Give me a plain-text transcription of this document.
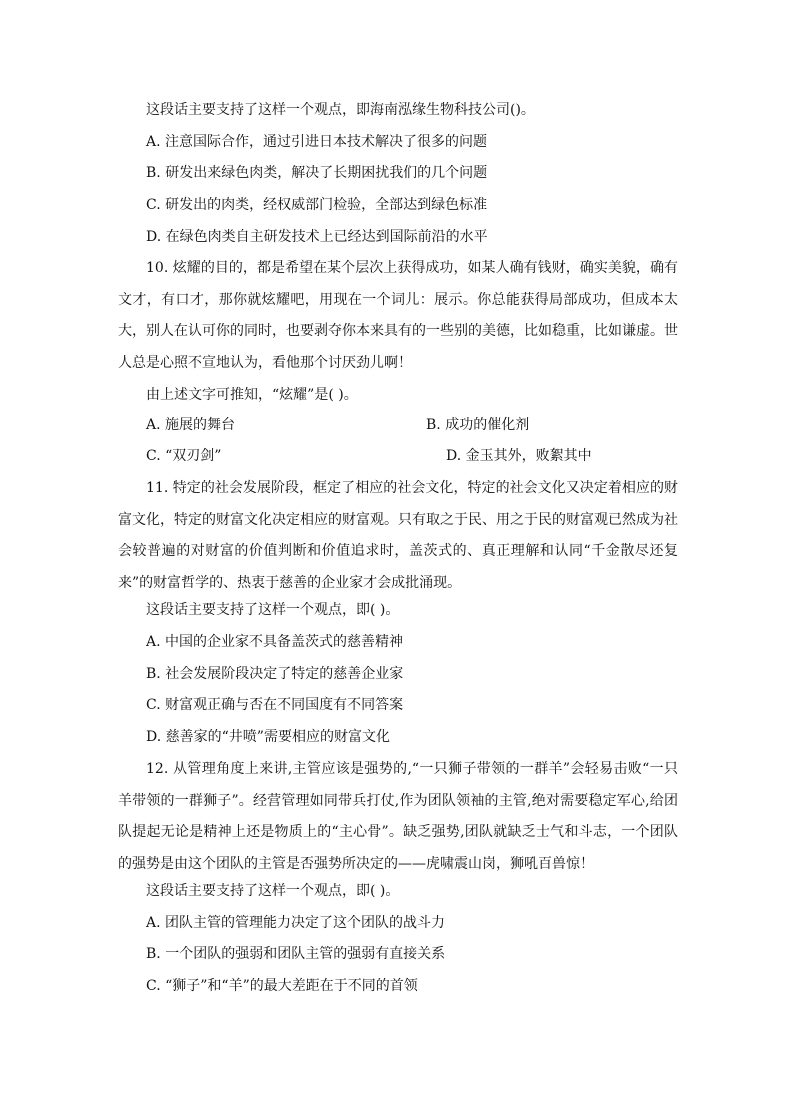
这段话主要支持了这样一个观点，即海南泓缘生物科技公司()。
A. 注意国际合作，通过引进日本技术解决了很多的问题
B. 研发出来绿色肉类，解决了长期困扰我们的几个问题
C. 研发出的肉类，经权威部门检验，全部达到绿色标准
D. 在绿色肉类自主研发技术上已经达到国际前沿的水平

10. 炫耀的目的，都是希望在某个层次上获得成功，如某人确有钱财，确实美貌，确有文才，有口才，那你就炫耀吧，用现在一个词儿：展示。你总能获得局部成功，但成本太大，别人在认可你的同时，也要剥夺你本来具有的一些别的美德，比如稳重，比如谦虚。世人总是心照不宣地认为，看他那个讨厌劲儿啊！

由上述文字可推知，“炫耀”是( )。
A. 施展的舞台	B. 成功的催化剂
C. “双刃剑”	D. 金玉其外，败絮其中

11. 特定的社会发展阶段，框定了相应的社会文化，特定的社会文化又决定着相应的财富文化，特定的财富文化决定相应的财富观。只有取之于民、用之于民的财富观已然成为社会较普遍的对财富的价值判断和价值追求时，盖茨式的、真正理解和认同“千金散尽还复来”的财富哲学的、热衷于慈善的企业家才会成批涌现。

这段话主要支持了这样一个观点，即( )。
A. 中国的企业家不具备盖茨式的慈善精神
B. 社会发展阶段决定了特定的慈善企业家
C. 财富观正确与否在不同国度有不同答案
D. 慈善家的“井喷”需要相应的财富文化

12. 从管理角度上来讲,主管应该是强势的,“一只狮子带领的一群羊”会轻易击败“一只羊带领的一群狮子”。经营管理如同带兵打仗,作为团队领袖的主管,绝对需要稳定军心,给团队提起无论是精神上还是物质上的“主心骨”。缺乏强势,团队就缺乏士气和斗志，一个团队的强势是由这个团队的主管是否强势所决定的——虎啸震山岗，狮吼百兽惊！

这段话主要支持了这样一个观点，即( )。
A. 团队主管的管理能力决定了这个团队的战斗力
B. 一个团队的强弱和团队主管的强弱有直接关系
C. “狮子”和“羊”的最大差距在于不同的首领
